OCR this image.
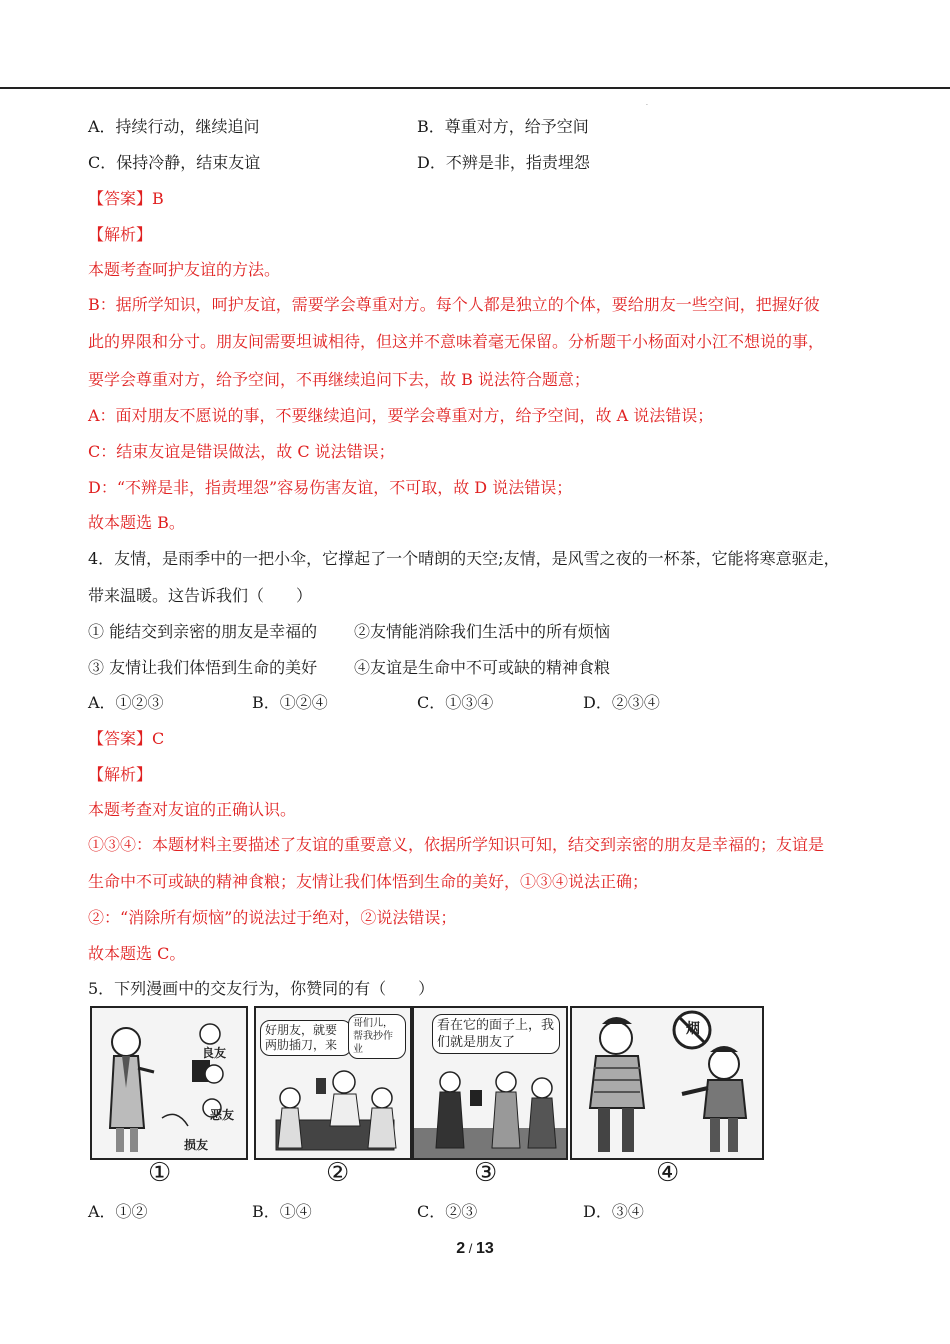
.
A．持续行动，继续追问	B．尊重对方，给予空间
C．保持冷静，结束友谊	D．不辨是非，指责埋怨
【答案】B
【解析】
本题考查呵护友谊的方法。
B：据所学知识，呵护友谊，需要学会尊重对方。每个人都是独立的个体，要给朋友一些空间，把握好彼
此的界限和分寸。朋友间需要坦诚相待，但这并不意味着毫无保留。分析题干小杨面对小江不想说的事，
要学会尊重对方，给予空间，不再继续追问下去，故 B 说法符合题意；
A：面对朋友不愿说的事，不要继续追问，要学会尊重对方，给予空间，故 A 说法错误；
C：结束友谊是错误做法，故 C 说法错误；
D：“不辨是非，指责埋怨”容易伤害友谊，不可取，故 D 说法错误；
故本题选 B。
4．友情，是雨季中的一把小伞，它撑起了一个晴朗的天空;友情，是风雪之夜的一杯茶，它能将寒意驱走，
带来温暖。这告诉我们（　　）
① 能结交到亲密的朋友是幸福的 ②友情能消除我们生活中的所有烦恼
③ 友情让我们体悟到生命的美好 ④友谊是生命中不可或缺的精神食粮
A．①②③	B．①②④	C．①③④	D．②③④
【答案】C
【解析】
本题考查对友谊的正确认识。
①③④：本题材料主要描述了友谊的重要意义，依据所学知识可知，结交到亲密的朋友是幸福的；友谊是
生命中不可或缺的精神食粮；友情让我们体悟到生命的美好，①③④说法正确；
②：“消除所有烦恼”的说法过于绝对，②说法错误；
故本题选 C。
5．下列漫画中的交友行为，你赞同的有（　　）
良友
恶友
损友
①
好朋友，就要两肋插刀，来
哥们儿，帮我抄作业
②
看在它的面子上，我们就是朋友了
③
烟
④
A．①②	B．①④	C．②③	D．③④
2 / 13
